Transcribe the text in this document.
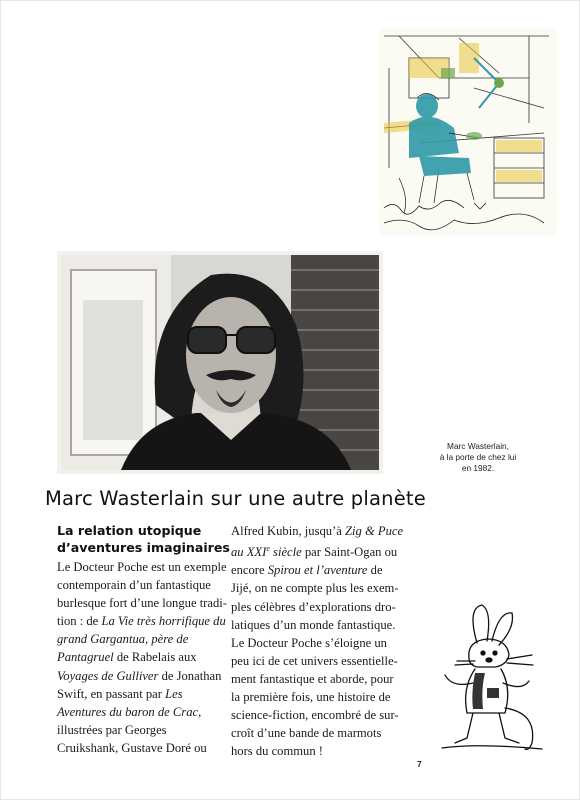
Marc Wasterlain,
à la porte de chez lui
en 1982.
Marc Wasterlain sur une autre planète
La relation utopique
d’aventures imaginaires
Le Docteur Poche est un exemple
contemporain d’un fantastique
burlesque fort d’une longue tradi-
tion : de La Vie très horrifique du
grand Gargantua, père de
Pantagruel de Rabelais aux
Voyages de Gulliver de Jonathan
Swift, en passant par Les
Aventures du baron de Crac,
illustrées par Georges
Cruikshank, Gustave Doré ou
Alfred Kubin, jusqu’à Zig & Puce
au XXIe siècle par Saint-Ogan ou
encore Spirou et l’aventure de
Jijé, on ne compte plus les exem-
ples célèbres d’explorations dro-
latiques d’un monde fantastique.
Le Docteur Poche s’éloigne un
peu ici de cet univers essentielle-
ment fantastique et aborde, pour
la première fois, une histoire de
science-fiction, encombré de sur-
croît d’une bande de marmots
hors du commun !
7
